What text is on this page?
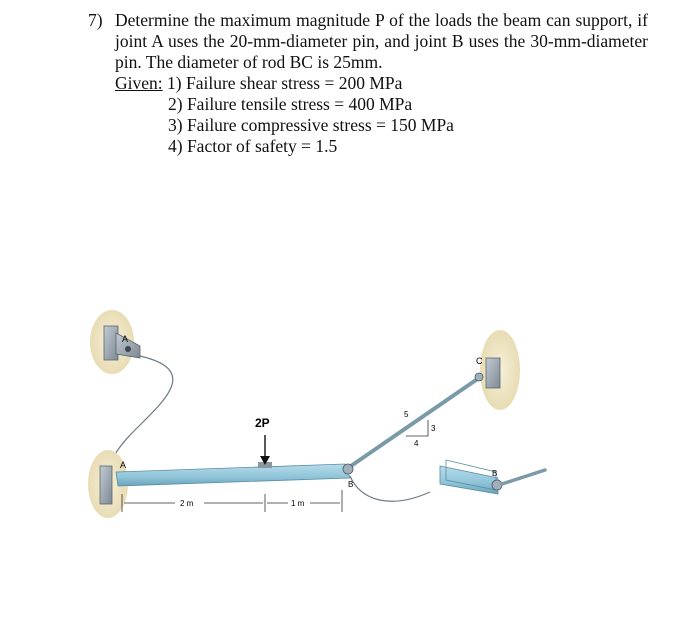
7) Determine the maximum magnitude P of the loads the beam can support, if joint A uses the 20-mm-diameter pin, and joint B uses the 30-mm-diameter pin. The diameter of rod BC is 25mm.
Given: 1) Failure shear stress = 200 MPa
2) Failure tensile stress = 400 MPa
3) Failure compressive stress = 150 MPa
4) Factor of safety = 1.5
A
A
2P
B
5
3
4
C
B
2 m	1 m
